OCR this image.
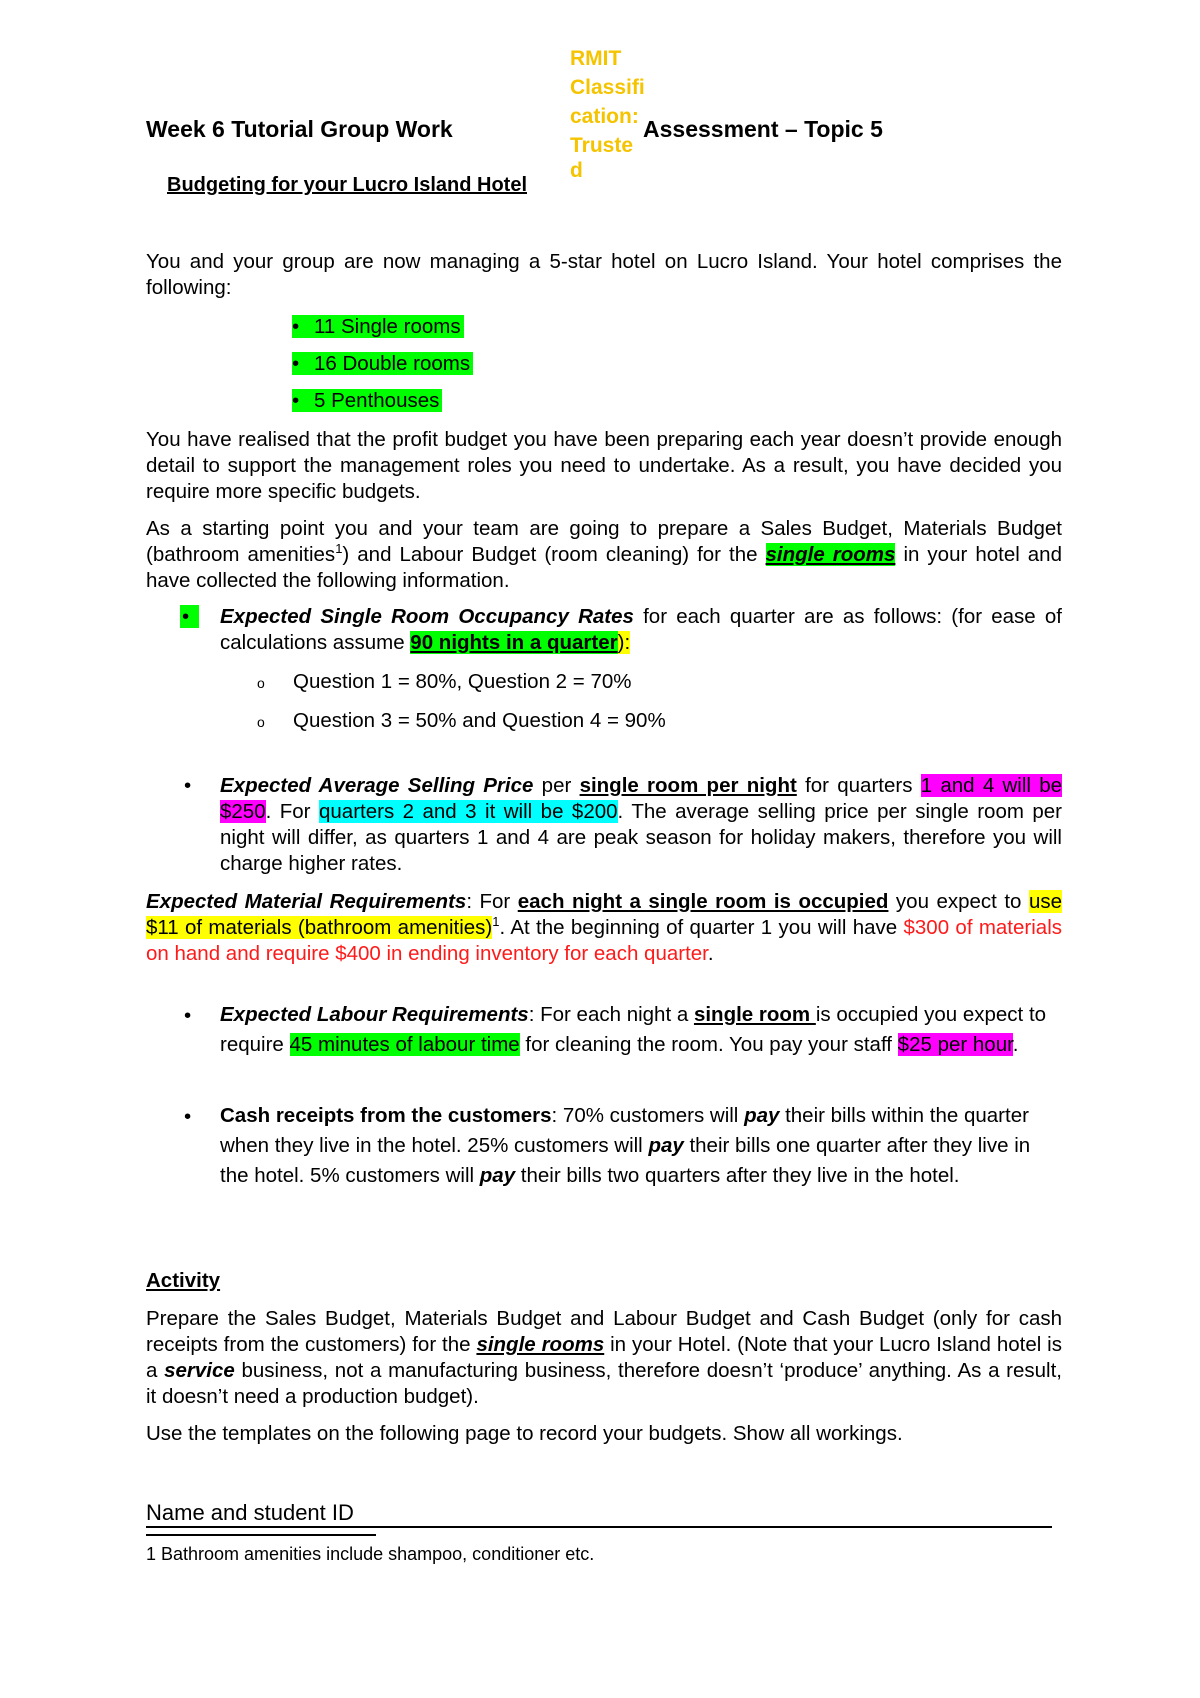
Week 6 Tutorial Group Work
RMIT
Classifi
cation:
Truste
d
Assessment – Topic 5
Budgeting for your Lucro Island Hotel
You and your group are now managing a 5-star hotel on Lucro Island. Your hotel comprises the following:
• 11 Single rooms
• 16 Double rooms
• 5 Penthouses
You have realised that the profit budget you have been preparing each year doesn’t provide enough detail to support the management roles you need to undertake. As a result, you have decided you require more specific budgets.
As a starting point you and your team are going to prepare a Sales Budget, Materials Budget (bathroom amenities$^1$) and Labour Budget (room cleaning) for the single rooms in your hotel and have collected the following information.
•	Expected Single Room Occupancy Rates for each quarter are as follows: (for ease of calculations assume 90 nights in a quarter):
o Question 1 = 80%, Question 2 = 70%
o Question 3 = 50% and Question 4 = 90%
• Expected Average Selling Price per single room per night for quarters 1 and 4 will be $250. For quarters 2 and 3 it will be $200. The average selling price per single room per night will differ, as quarters 1 and 4 are peak season for holiday makers, therefore you will charge higher rates.
Expected Material Requirements: For each night a single room is occupied you expect to use $11 of materials (bathroom amenities)$^1$. At the beginning of quarter 1 you will have $300 of materials on hand and require $400 in ending inventory for each quarter.
• Expected Labour Requirements: For each night a single room is occupied you expect to require 45 minutes of labour time for cleaning the room. You pay your staff $25 per hour.
• Cash receipts from the customers: 70% customers will pay their bills within the quarter when they live in the hotel. 25% customers will pay their bills one quarter after they live in the hotel. 5% customers will pay their bills two quarters after they live in the hotel.
Activity
Prepare the Sales Budget, Materials Budget and Labour Budget and Cash Budget (only for cash receipts from the customers) for the single rooms in your Hotel. (Note that your Lucro Island hotel is a service business, not a manufacturing business, therefore doesn’t ‘produce’ anything. As a result, it doesn’t need a production budget).
Use the templates on the following page to record your budgets. Show all workings.
Name and student ID
1 Bathroom amenities include shampoo, conditioner etc.
